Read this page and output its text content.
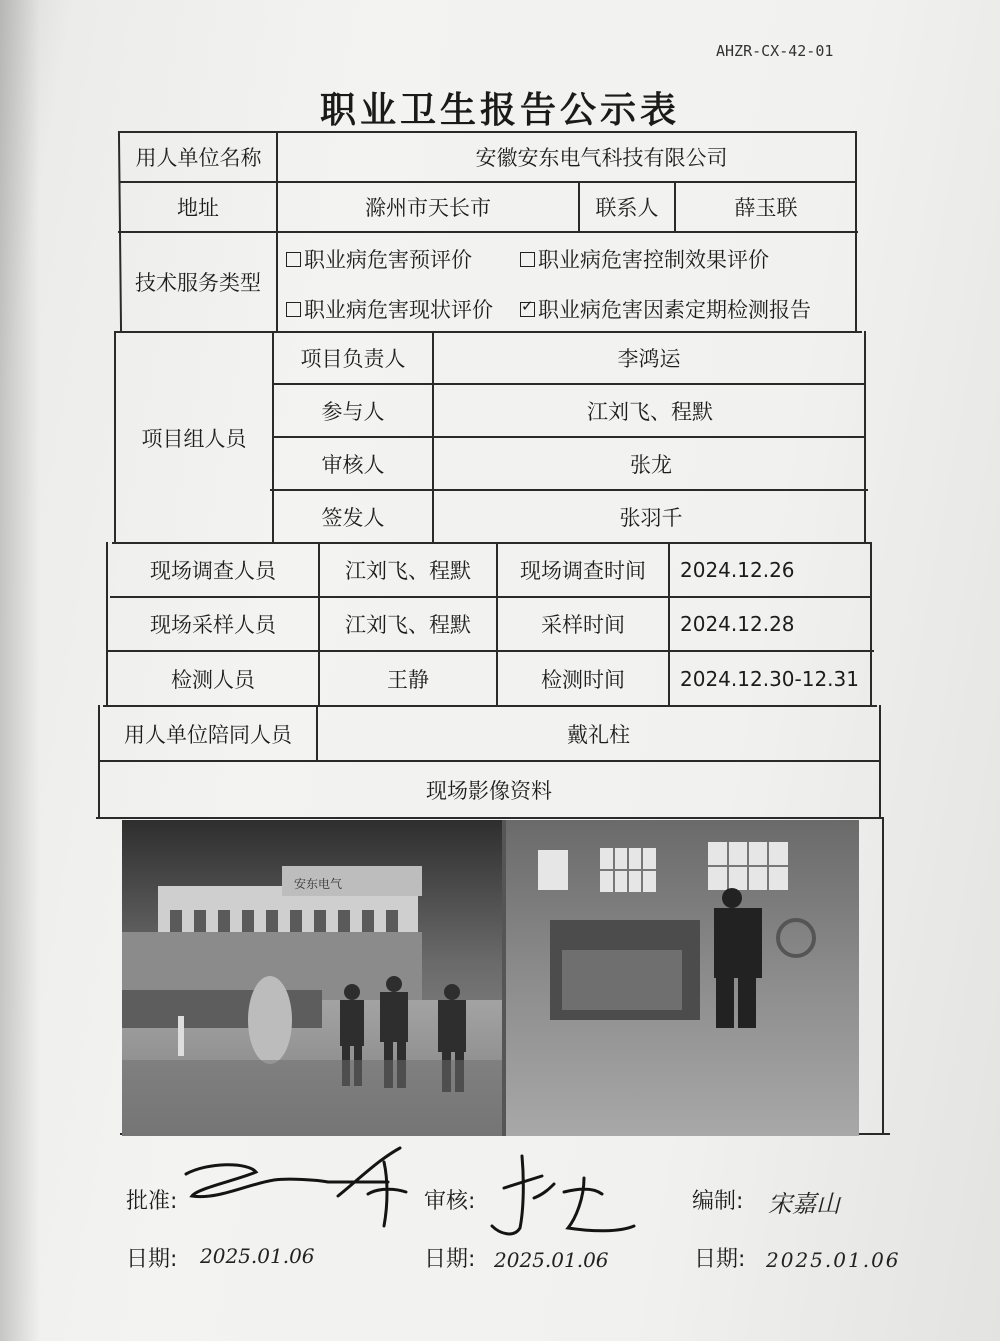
AHZR-CX-42-01
职业卫生报告公示表
用人单位名称	安徽安东电气科技有限公司
地址	滁州市天长市	联系人	薛玉联
技术服务类型
职业病危害预评价	职业病危害控制效果评价
职业病危害现状评价
✓ 职业病危害因素定期检测报告
项目组人员
项目负责人	李鸿运
参与人	江刘飞、程默
审核人	张龙
签发人	张羽千
现场调查人员	江刘飞、程默	现场调查时间	2024.12.26
现场采样人员	江刘飞、程默	采样时间	2024.12.28
检测人员	王静	检测时间	2024.12.30-12.31
用人单位陪同人员	戴礼柱
现场影像资料
安东电气
批准:	审核:	编制: 宋嘉山
日期: 2025.01.06	日期: 2025.01.06	日期: 2025.01.06
